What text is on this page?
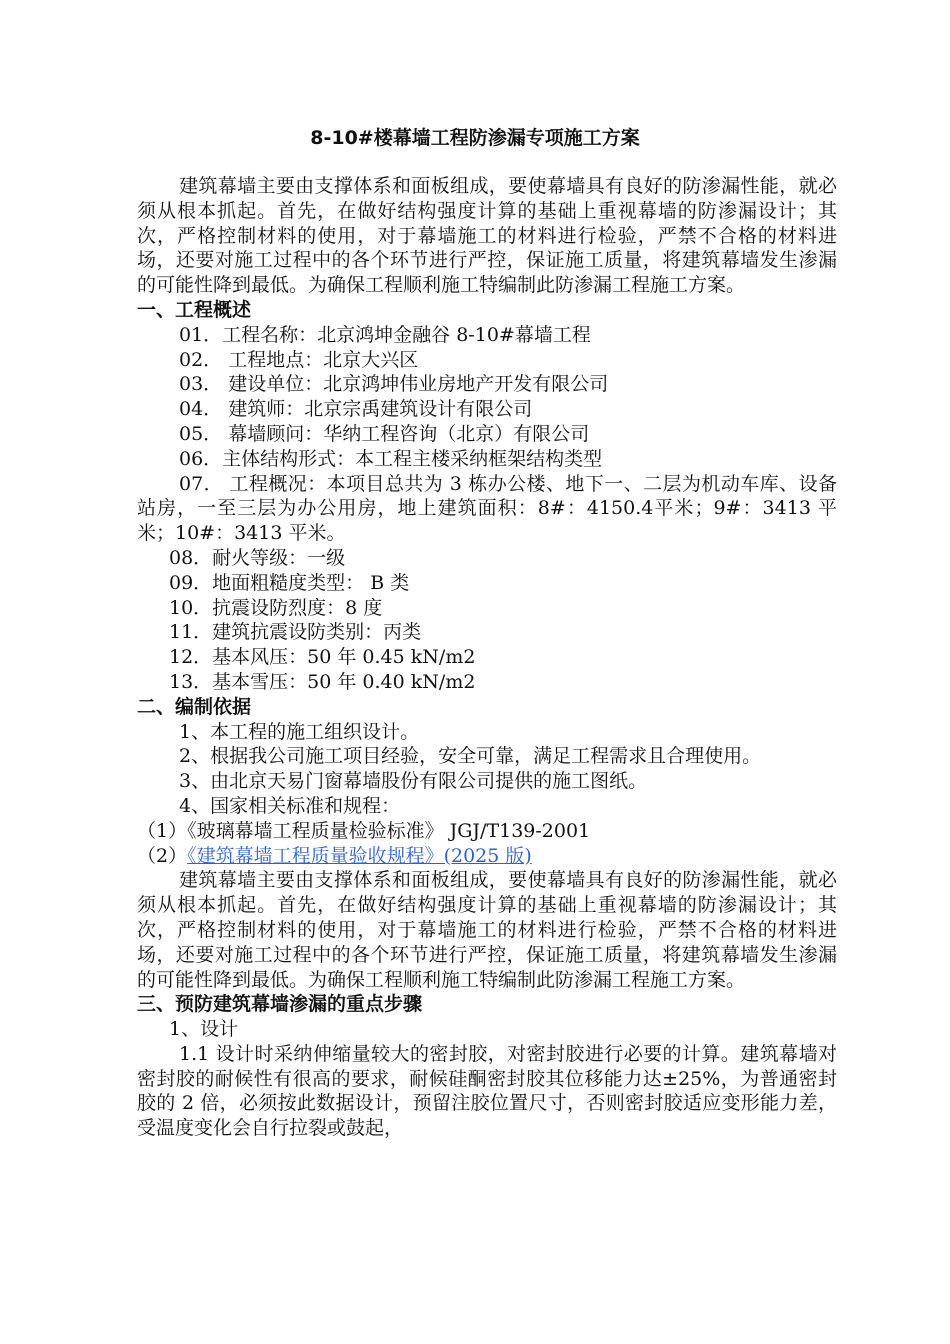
8-10#楼幕墙工程防渗漏专项施工方案

建筑幕墙主要由支撑体系和面板组成，要使幕墙具有良好的防渗漏性能，就必须从根本抓起。首先，在做好结构强度计算的基础上重视幕墙的防渗漏设计；其次，严格控制材料的使用，对于幕墙施工的材料进行检验，严禁不合格的材料进场，还要对施工过程中的各个环节进行严控，保证施工质量，将建筑幕墙发生渗漏的可能性降到最低。为确保工程顺利施工特编制此防渗漏工程施工方案。

一、工程概述

01．工程名称：北京鸿坤金融谷 8-10#幕墙工程

02． 工程地点：北京大兴区

03． 建设单位：北京鸿坤伟业房地产开发有限公司

04． 建筑师：北京宗禹建筑设计有限公司

05． 幕墙顾问：华纳工程咨询（北京）有限公司

06．主体结构形式：本工程主楼采纳框架结构类型

07． 工程概况：本项目总共为 3 栋办公楼、地下一、二层为机动车库、设备站房，一至三层为办公用房，地上建筑面积：8#：4150.4平米；9#：3413 平米；10#：3413 平米。

08．耐火等级：一级

09．地面粗糙度类型： B 类

10．抗震设防烈度：8 度

11．建筑抗震设防类别：丙类

12．基本风压：50 年 0.45 kN/m2

13．基本雪压：50 年 0.40 kN/m2

二、编制依据

1、本工程的施工组织设计。

2、根据我公司施工项目经验，安全可靠，满足工程需求且合理使用。

3、由北京天易门窗幕墙股份有限公司提供的施工图纸。

4、国家相关标准和规程：

（1）《玻璃幕墙工程质量检验标准》 JGJ/T139-2001

（2）《建筑幕墙工程质量验收规程》(2025 版)

建筑幕墙主要由支撑体系和面板组成，要使幕墙具有良好的防渗漏性能，就必须从根本抓起。首先，在做好结构强度计算的基础上重视幕墙的防渗漏设计；其次，严格控制材料的使用，对于幕墙施工的材料进行检验，严禁不合格的材料进场，还要对施工过程中的各个环节进行严控，保证施工质量，将建筑幕墙发生渗漏的可能性降到最低。为确保工程顺利施工特编制此防渗漏工程施工方案。

三、预防建筑幕墙渗漏的重点步骤

1、设计

1.1 设计时采纳伸缩量较大的密封胶，对密封胶进行必要的计算。建筑幕墙对密封胶的耐候性有很高的要求，耐候硅酮密封胶其位移能力达±25%，为普通密封胶的 2 倍，必须按此数据设计，预留注胶位置尺寸，否则密封胶适应变形能力差，受温度变化会自行拉裂或鼓起，
